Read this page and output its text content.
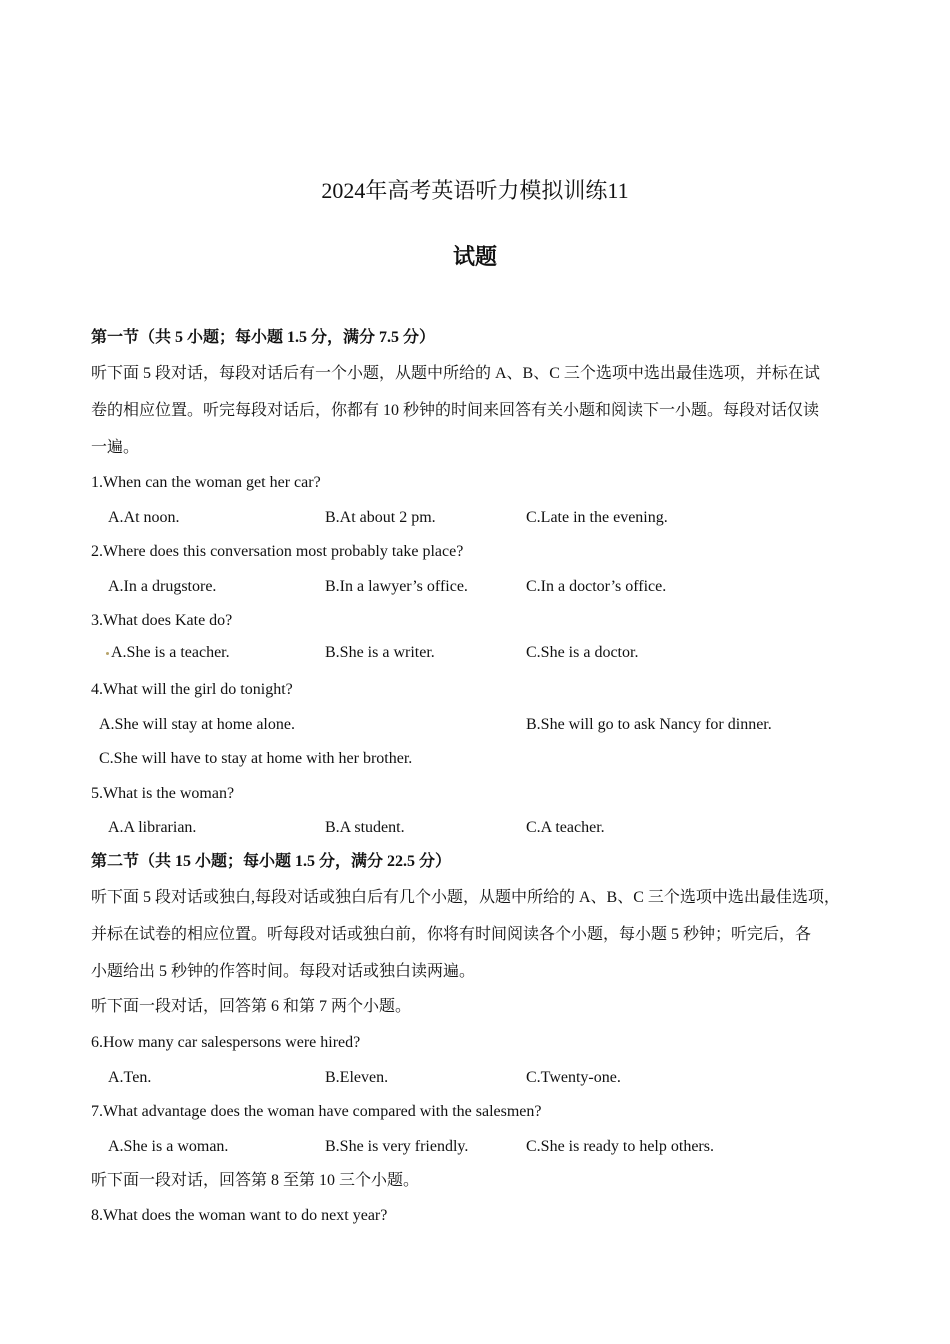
2024年高考英语听力模拟训练11
试题
第一节（共 5 小题；每小题 1.5 分，满分 7.5 分）
听下面 5 段对话，每段对话后有一个小题，从题中所给的 A、B、C 三个选项中选出最佳选项，并标在试
卷的相应位置。听完每段对话后，你都有 10 秒钟的时间来回答有关小题和阅读下一小题。每段对话仅读
一遍。
1.When can the woman get her car?
A.At noon.	B.At about 2 pm.	C.Late in the evening.
2.Where does this conversation most probably take place?
A.In a drugstore.	B.In a lawyer’s office.	C.In a doctor’s office.
3.What does Kate do?
A.She is a teacher.	B.She is a writer.	C.She is a doctor.
4.What will the girl do tonight?
A.She will stay at home alone.	B.She will go to ask Nancy for dinner.
C.She will have to stay at home with her brother.
5.What is the woman?
A.A librarian.	B.A student.	C.A teacher.
第二节（共 15 小题；每小题 1.5 分，满分 22.5 分）
听下面 5 段对话或独白,每段对话或独白后有几个小题，从题中所给的 A、B、C 三个选项中选出最佳选项，
并标在试卷的相应位置。听每段对话或独白前，你将有时间阅读各个小题，每小题 5 秒钟；听完后，各
小题给出 5 秒钟的作答时间。每段对话或独白读两遍。
听下面一段对话，回答第 6 和第 7 两个小题。
6.How many car salespersons were hired?
A.Ten.	B.Eleven.	C.Twenty-one.
7.What advantage does the woman have compared with the salesmen?
A.She is a woman.	B.She is very friendly.	C.She is ready to help others.
听下面一段对话，回答第 8 至第 10 三个小题。
8.What does the woman want to do next year?
